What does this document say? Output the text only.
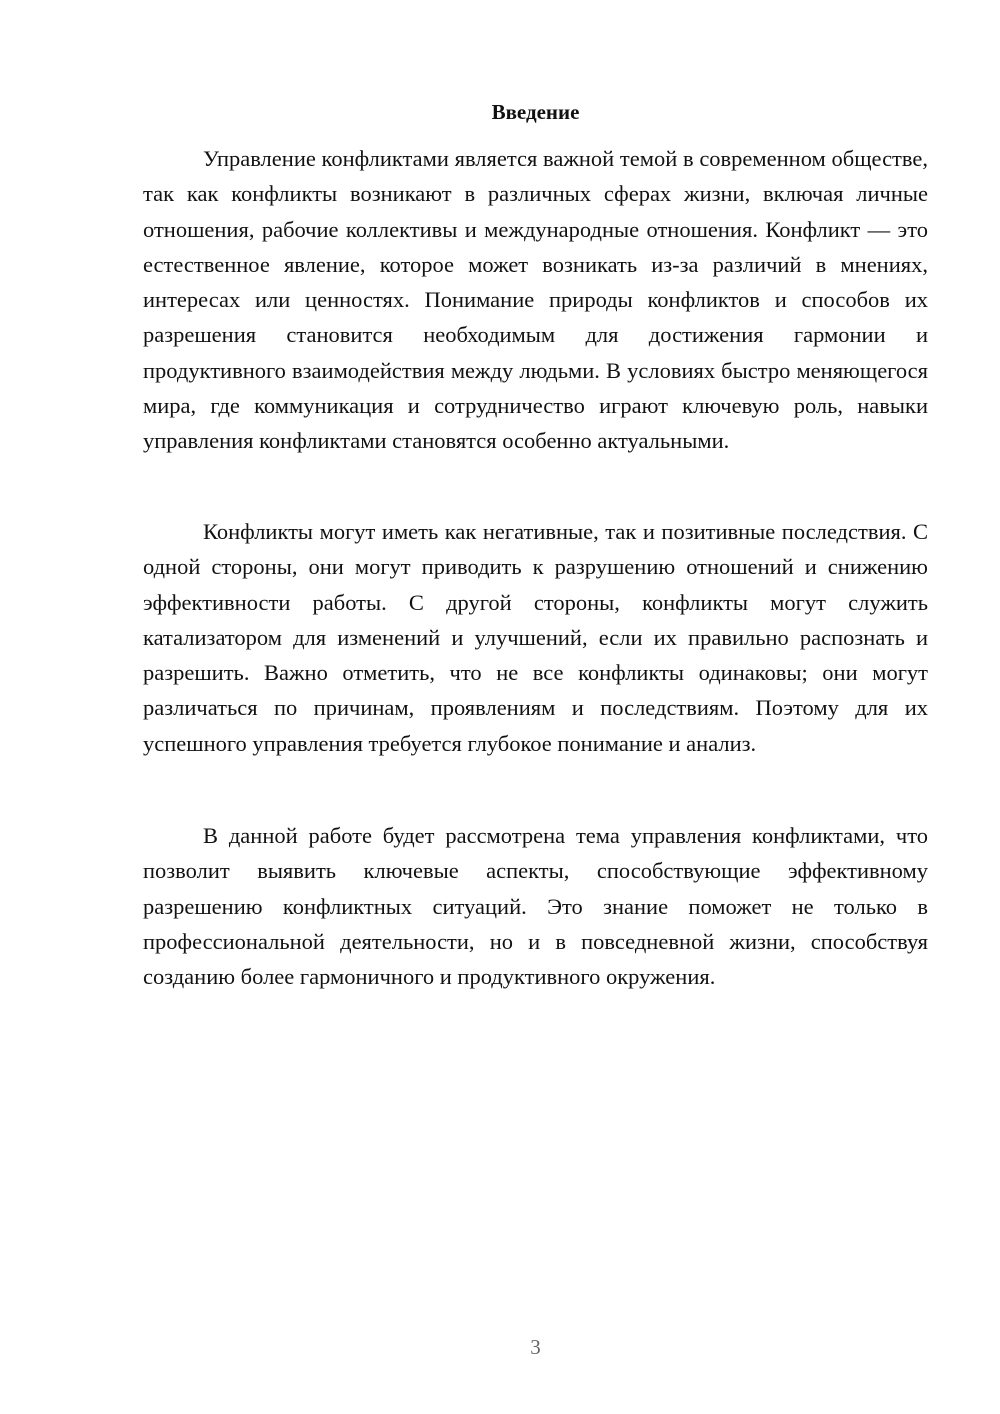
Введение

Управление конфликтами является важной темой в современном обществе, так как конфликты возникают в различных сферах жизни, включая личные отношения, рабочие коллективы и международные отношения. Конфликт — это естественное явление, которое может возникать из-за различий в мнениях, интересах или ценностях. Понимание природы конфликтов и способов их разрешения становится необходимым для достижения гармонии и продуктивного взаимодействия между людьми. В условиях быстро меняющегося мира, где коммуникация и сотрудничество играют ключевую роль, навыки управления конфликтами становятся особенно актуальными.

Конфликты могут иметь как негативные, так и позитивные последствия. С одной стороны, они могут приводить к разрушению отношений и снижению эффективности работы. С другой стороны, конфликты могут служить катализатором для изменений и улучшений, если их правильно распознать и разрешить. Важно отметить, что не все конфликты одинаковы; они могут различаться по причинам, проявлениям и последствиям. Поэтому для их успешного управления требуется глубокое понимание и анализ.

В данной работе будет рассмотрена тема управления конфликтами, что позволит выявить ключевые аспекты, способствующие эффективному разрешению конфликтных ситуаций. Это знание поможет не только в профессиональной деятельности, но и в повседневной жизни, способствуя созданию более гармоничного и продуктивного окружения.

3
